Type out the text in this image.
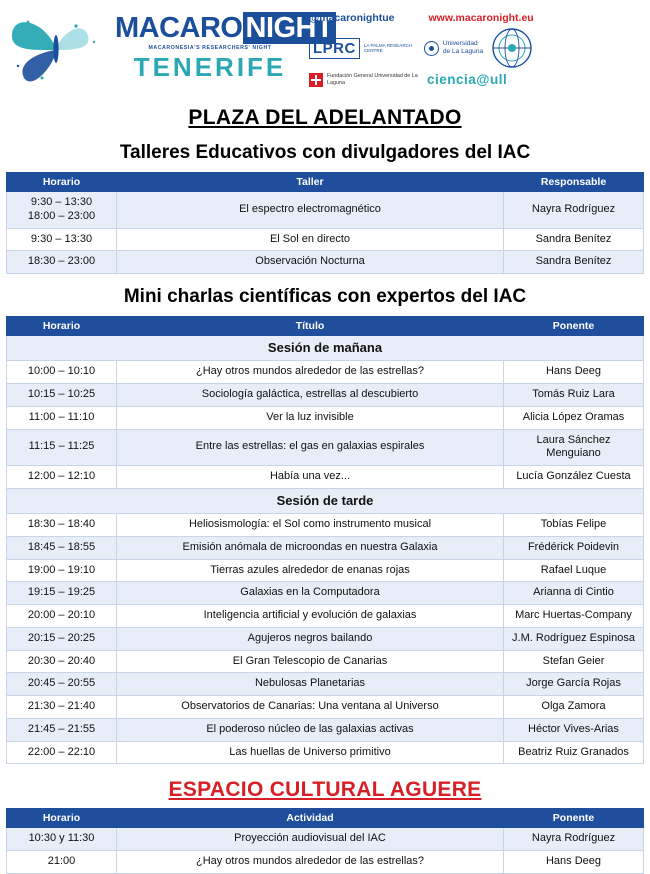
MACARO NIGHT
MACARONESIA'S RESEARCHERS' NIGHT
TENERIFE
@macaronightue	www.macaronight.eu
LPRC LA PALMA RESEARCH CENTRE
Universidad
de La Laguna
Fundación General Universidad de La Laguna	ciencia@ull
PLAZA DEL ADELANTADO
Talleres Educativos con divulgadores del IAC
Horario	Taller	Responsable
9:30 – 13:30
18:00 – 23:00	El espectro electromagnético	Nayra Rodríguez
9:30 – 13:30	El Sol en directo	Sandra Benítez
18:30 – 23:00	Observación Nocturna	Sandra Benítez
Mini charlas científicas con expertos del IAC
Horario	Título	Ponente
Sesión de mañana		
10:00 – 10:10	¿Hay otros mundos alrededor de las estrellas?	Hans Deeg
10:15 – 10:25	Sociología galáctica, estrellas al descubierto	Tomás Ruiz Lara
11:00 – 11:10	Ver la luz invisible	Alicia López Oramas
11:15 – 11:25	Entre las estrellas: el gas en galaxias espirales	Laura Sánchez Menguiano
12:00 – 12:10	Había una vez...	Lucía González Cuesta
Sesión de tarde		
18:30 – 18:40	Heliosismología: el Sol como instrumento musical	Tobías Felipe
18:45 – 18:55	Emisión anómala de microondas en nuestra Galaxia	Frédérick Poidevin
19:00 – 19:10	Tierras azules alrededor de enanas rojas	Rafael Luque
19:15 – 19:25	Galaxias en la Computadora	Arianna di Cintio
20:00 – 20:10	Inteligencia artificial y evolución de galaxias	Marc Huertas-Company
20:15 – 20:25	Agujeros negros bailando	J.M. Rodríguez Espinosa
20:30 – 20:40	El Gran Telescopio de Canarias	Stefan Geier
20:45 – 20:55	Nebulosas Planetarias	Jorge García Rojas
21:30 – 21:40	Observatorios de Canarias: Una ventana al Universo	Olga Zamora
21:45 – 21:55	El poderoso núcleo de las galaxias activas	Héctor Vives-Arias
22:00 – 22:10	Las huellas de Universo primitivo	Beatriz Ruiz Granados
ESPACIO CULTURAL AGUERE
Horario	Actividad	Ponente
10:30 y 11:30	Proyección audiovisual del IAC	Nayra Rodríguez
21:00	¿Hay otros mundos alrededor de las estrellas?	Hans Deeg
